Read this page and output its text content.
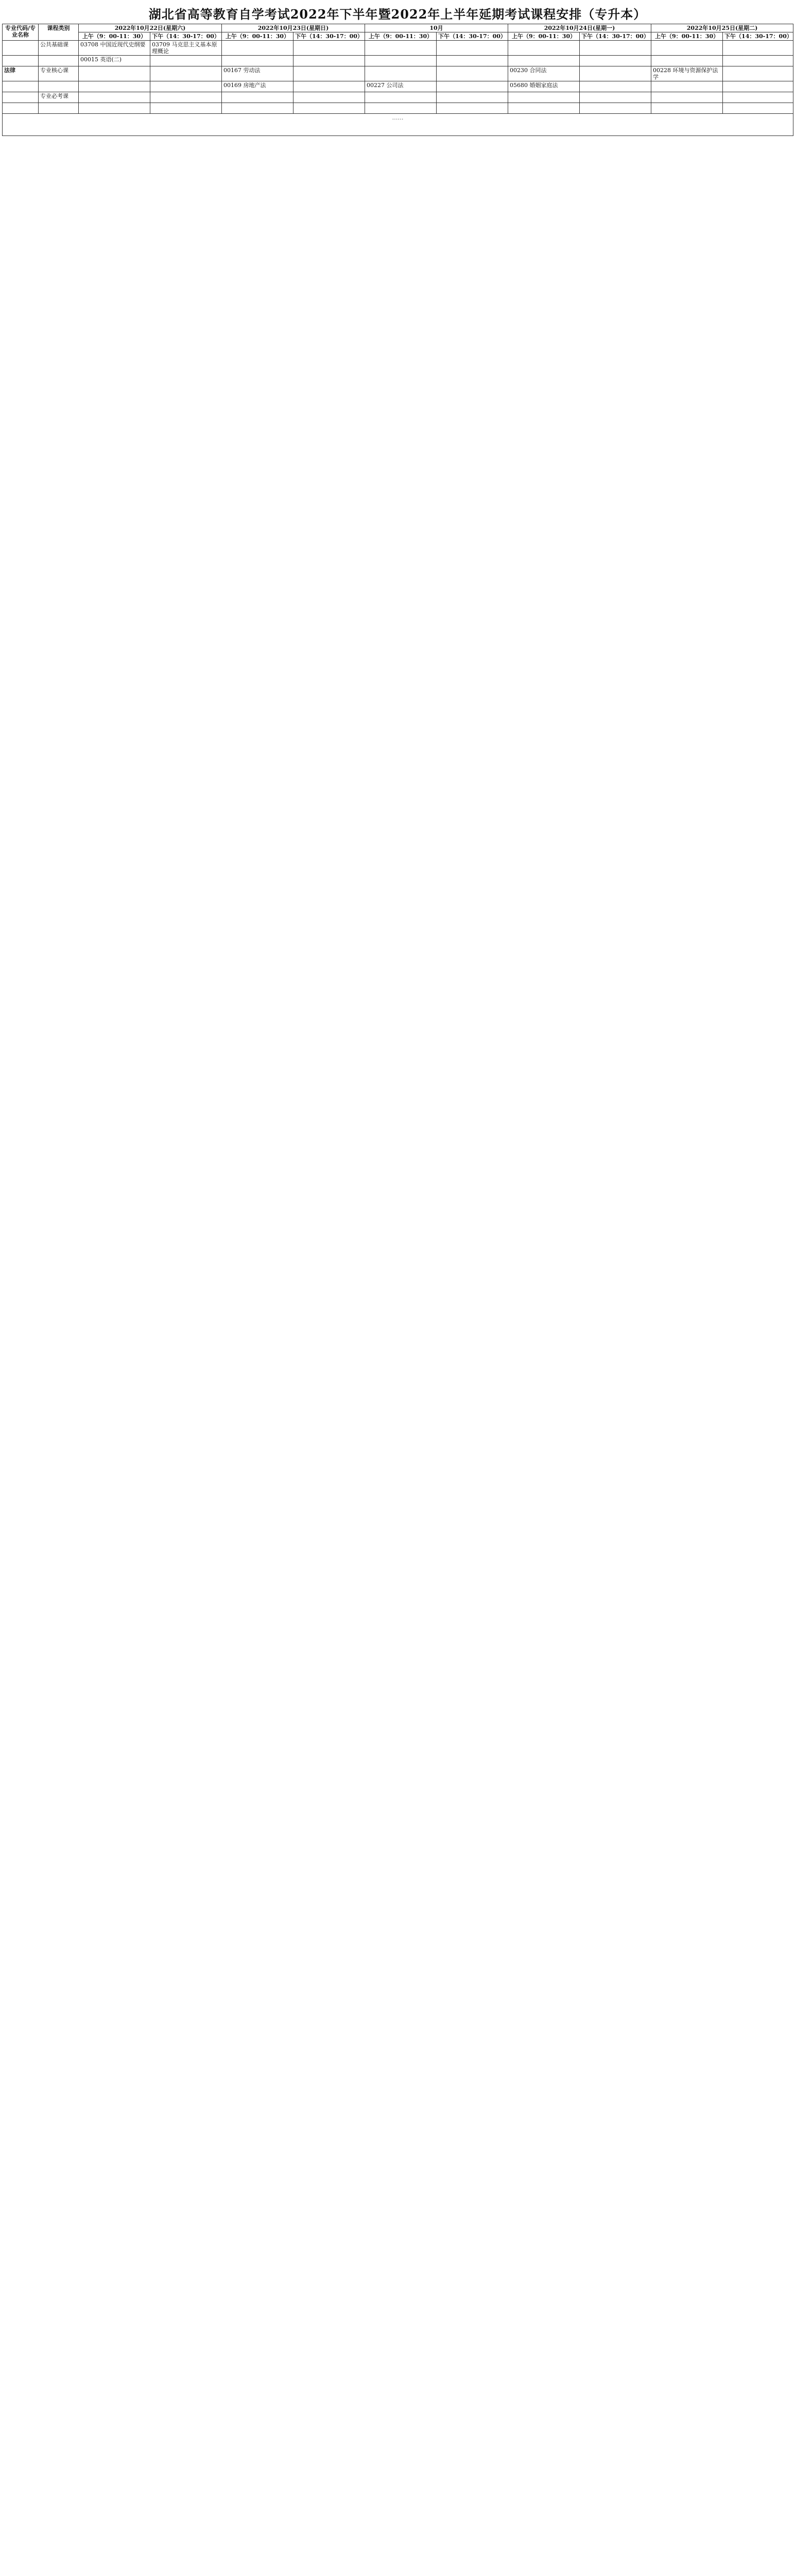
湖北省高等教育自学考试2022年下半年暨2022年上半年延期考试课程安排（专升本）
专业代码/专业名称	课程类别	2022年10月22日(星期六)		2022年10月23日(星期日)		10月		2022年10月24日(星期一)		2022年10月25日(星期二)	
		上午（9：00-11：30）	下午（14：30-17：00）	上午（9：00-11：30）	下午（14：30-17：00）	上午（9：00-11：30）	下午（14：30-17：00）	上午（9：00-11：30）	下午（14：30-17：00）	上午（9：00-11：30）	下午（14：30-17：00）
	公共基础课	03708 中国近现代史纲要	03709 马克思主义基本原理概论								
		00015 英语(二)									
法律	专业核心课			00167 劳动法				00230 合同法		00228 环境与资源保护法学	
				00169 房地产法		00227 公司法		05680 婚姻家庭法			
	专业必考课										

……											
